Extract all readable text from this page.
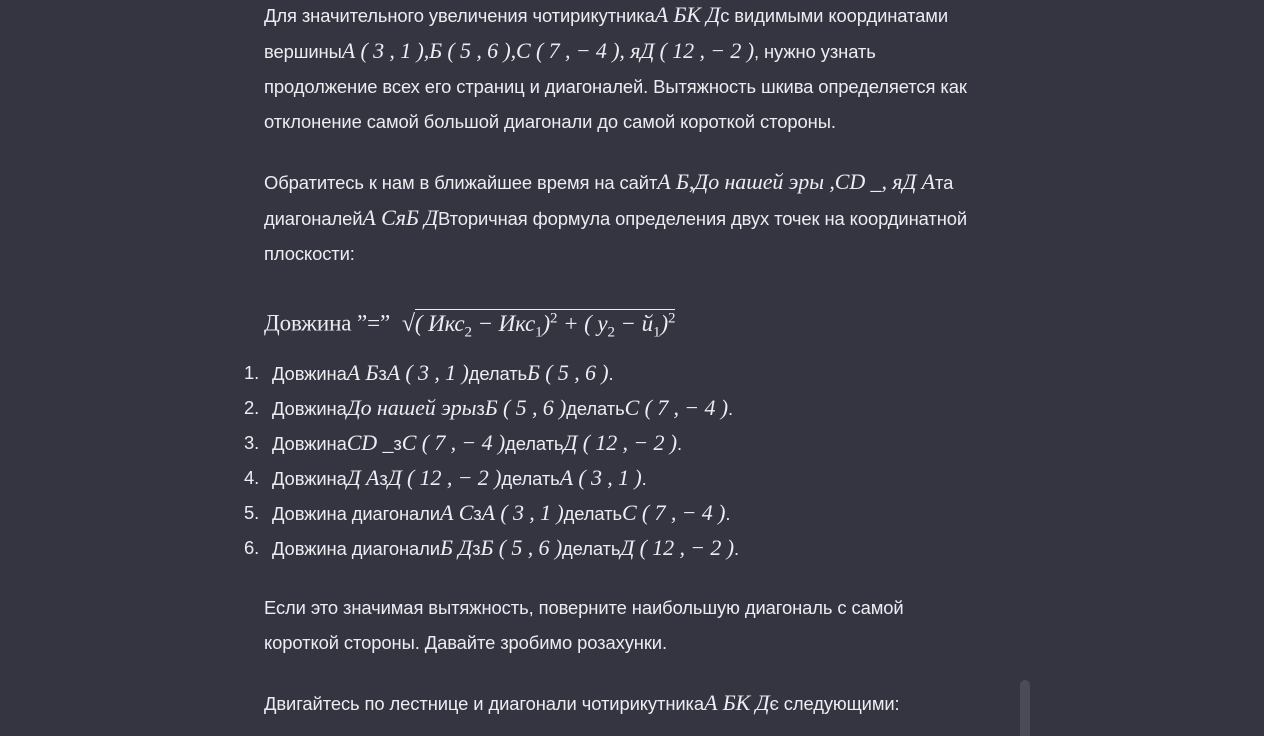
Для значительного увеличения чотирикутникаА БК Дс видимыми координатами
вершиныА ( 3 , 1 ),Б ( 5 , 6 ),С ( 7 , − 4 ), яД ( 12 , − 2 ), нужно узнать
продолжение всех его страниц и диагоналей. Вытяжность шкива определяется как
отклонение самой большой диагонали до самой короткой стороны.

Обратитесь к нам в ближайшее время на сайтА Б,До нашей эры ,CD _, яД Ата
диагоналейА СяБ ДВторичная формула определения двух точек на координатной
плоскости:

Довжина ”=” √( Икс$_2$ − Икс$_1$)$^2$ + ( $y_2 - й_1)^2$
1. ДовжинаА БзА ( 3 , 1 )делатьБ ( 5 , 6 ).
2. ДовжинаДо нашей эрызБ ( 5 , 6 )делатьС ( 7 , − 4 ).
3. ДовжинаCD _зС ( 7 , − 4 )делатьД ( 12 , − 2 ).
4. ДовжинаД АзД ( 12 , − 2 )делатьА ( 3 , 1 ).
5. Довжина диагоналиА СзА ( 3 , 1 )делатьС ( 7 , − 4 ).
6. Довжина диагоналиБ ДзБ ( 5 , 6 )делатьД ( 12 , − 2 ).

Если это значимая вытяжность, поверните наибольшую диагональ с самой
короткой стороны. Давайте зробимо розахунки.

Двигайтесь по лестнице и диагонали чотирикутникаА БК Дє следующими:
